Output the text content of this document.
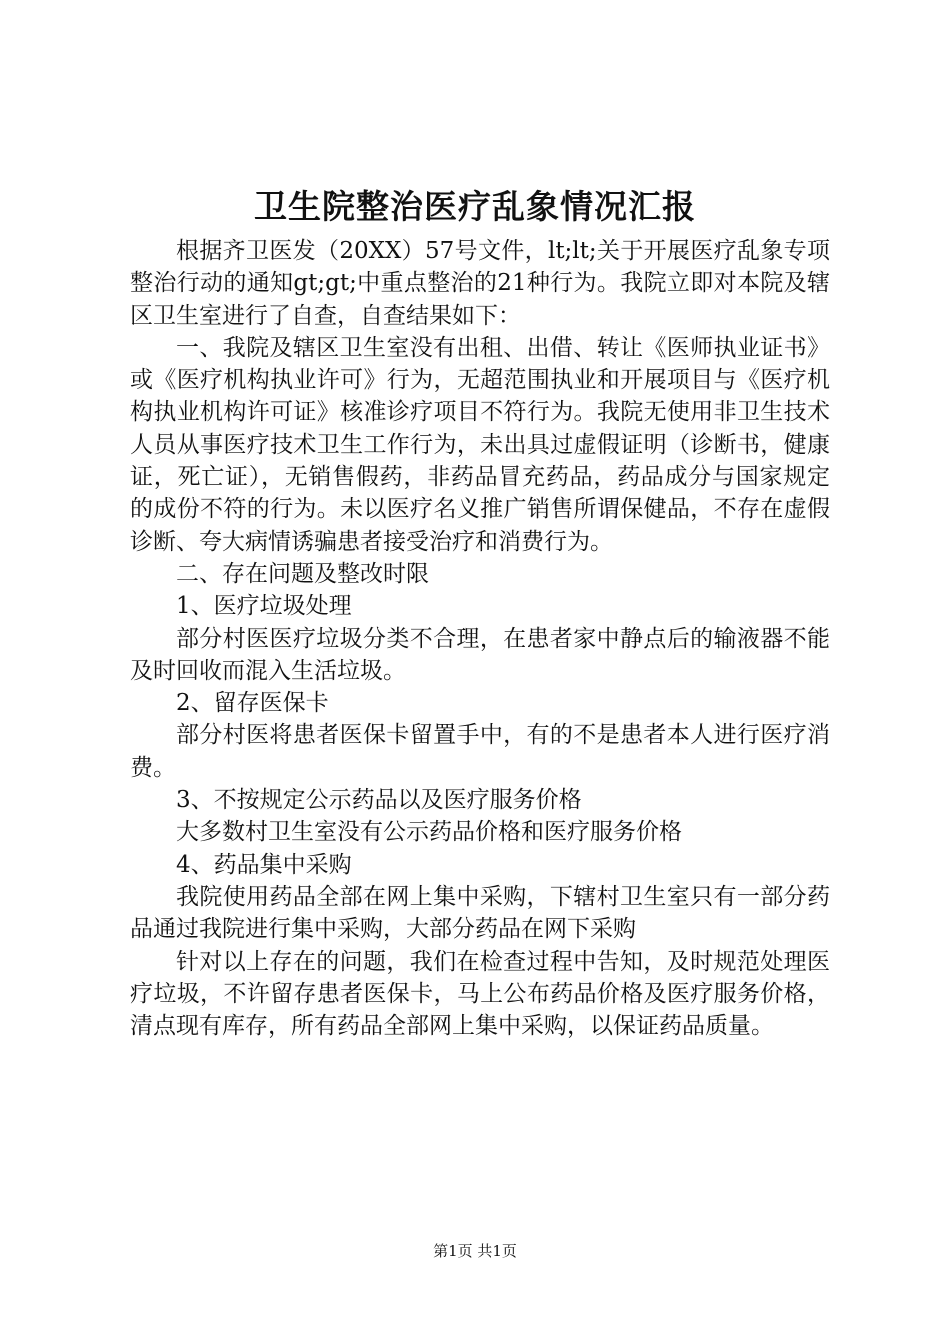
卫生院整治医疗乱象情况汇报

根据齐卫医发（20XX）57号文件，lt;lt;关于开展医疗乱象专项整治行动的通知gt;gt;中重点整治的21种行为。我院立即对本院及辖区卫生室进行了自查，自查结果如下：

一、我院及辖区卫生室没有出租、出借、转让《医师执业证书》或《医疗机构执业许可》行为，无超范围执业和开展项目与《医疗机构执业机构许可证》核准诊疗项目不符行为。我院无使用非卫生技术人员从事医疗技术卫生工作行为，未出具过虚假证明（诊断书，健康证，死亡证），无销售假药，非药品冒充药品，药品成分与国家规定的成份不符的行为。未以医疗名义推广销售所谓保健品，不存在虚假诊断、夸大病情诱骗患者接受治疗和消费行为。

二、存在问题及整改时限

1、医疗垃圾处理

部分村医医疗垃圾分类不合理，在患者家中静点后的输液器不能及时回收而混入生活垃圾。

2、留存医保卡

部分村医将患者医保卡留置手中，有的不是患者本人进行医疗消费。

3、不按规定公示药品以及医疗服务价格

大多数村卫生室没有公示药品价格和医疗服务价格

4、药品集中采购

我院使用药品全部在网上集中采购，下辖村卫生室只有一部分药品通过我院进行集中采购，大部分药品在网下采购

针对以上存在的问题，我们在检查过程中告知，及时规范处理医疗垃圾，不许留存患者医保卡，马上公布药品价格及医疗服务价格，清点现有库存，所有药品全部网上集中采购，以保证药品质量。

第1页 共1页
